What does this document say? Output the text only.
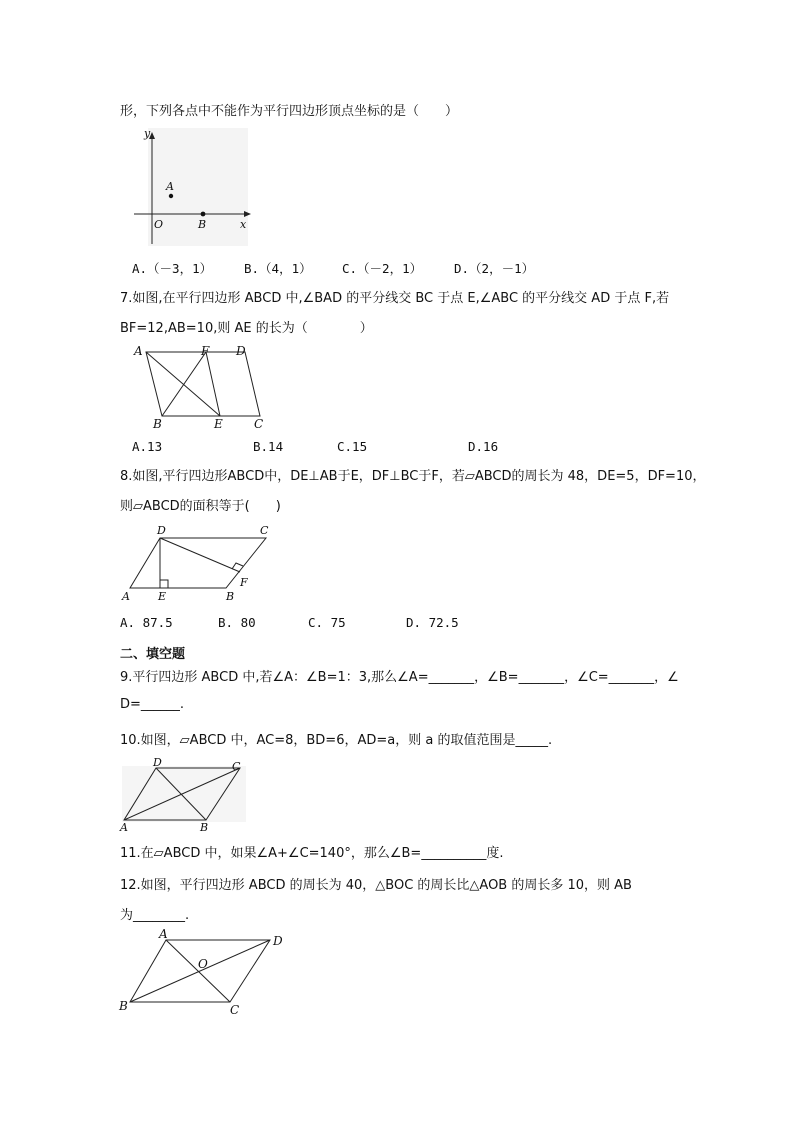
形，下列各点中不能作为平行四边形顶点坐标的是（　　）
y
A
O	B	x
A.（－3，1）	B.（4，1） C.（－2，1）	D.（2，－1）
7.如图,在平行四边形 ABCD 中,∠BAD 的平分线交 BC 于点 E,∠ABC 的平分线交 AD 于点 F,若
BF=12,AB=10,则 AE 的长为（　　　　）
A	F D
B	E	C
A.13	B.14	C.15	D.16
8.如图,平行四边形ABCD中，DE⊥AB于E，DF⊥BC于F，若▱ABCD的周长为 48，DE=5，DF=10，
则▱ABCD的面积等于(　　)
D	C
A	E	B
F
A. 87.5	B. 80	C. 75	D. 72.5
二、填空题
9.平行四边形 ABCD 中,若∠A：∠B=1：3,那么∠A=_______，∠B=_______，∠C=_______，∠
D=______.
10.如图，▱ABCD 中，AC=8，BD=6，AD=a，则 a 的取值范围是_____.
D	C
A	B
11.在▱ABCD 中，如果∠A+∠C=140°，那么∠B=__________度.
12.如图，平行四边形 ABCD 的周长为 40，△BOC 的周长比△AOB 的周长多 10，则 AB
为________.
A	D
O
B	C
